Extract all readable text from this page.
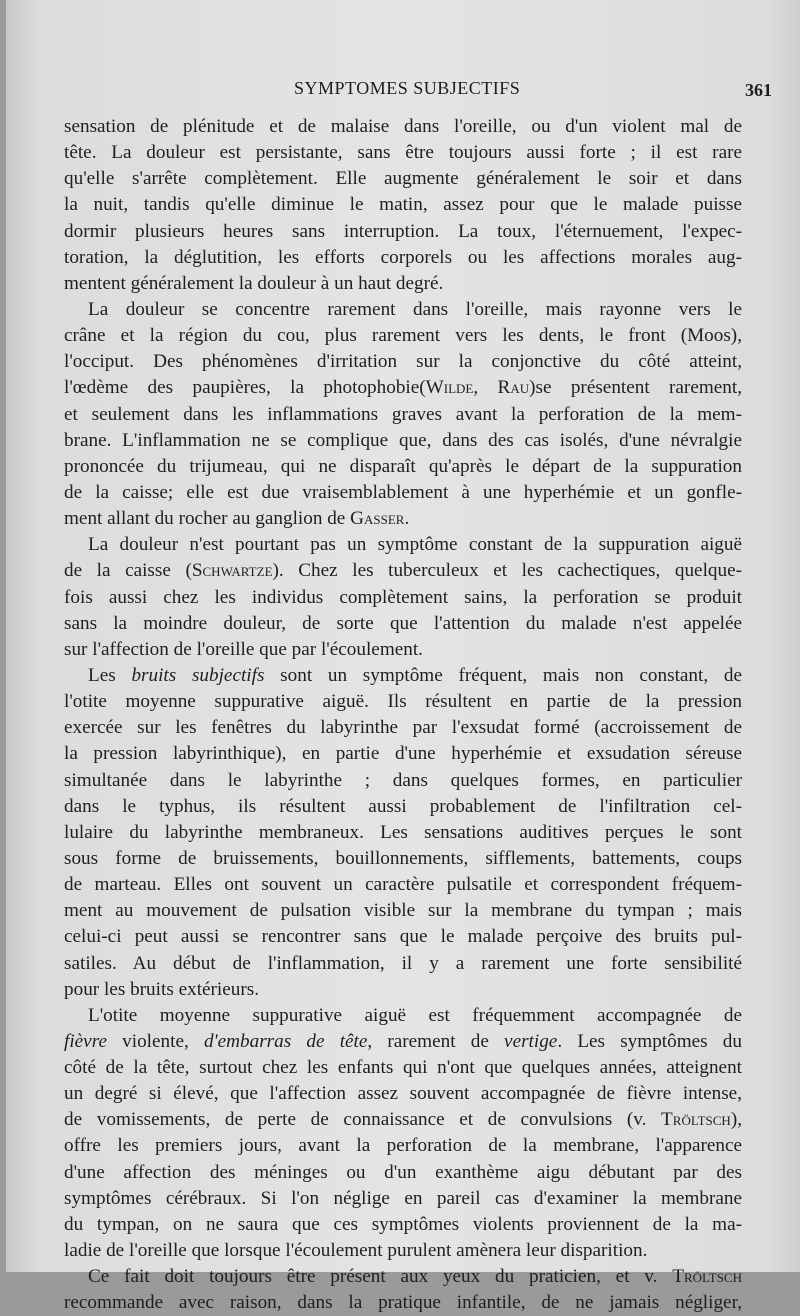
SYMPTOMES SUBJECTIFS	361
sensation de plénitude et de malaise dans l'oreille, ou d'un violent mal de
tête. La douleur est persistante, sans être toujours aussi forte ; il est rare
qu'elle s'arrête complètement. Elle augmente généralement le soir et dans
la nuit, tandis qu'elle diminue le matin, assez pour que le malade puisse
dormir plusieurs heures sans interruption. La toux, l'éternuement, l'expec-
toration, la déglutition, les efforts corporels ou les affections morales aug-
mentent généralement la douleur à un haut degré.
La douleur se concentre rarement dans l'oreille, mais rayonne vers le
crâne et la région du cou, plus rarement vers les dents, le front (Moos),
l'occiput. Des phénomènes d'irritation sur la conjonctive du côté atteint,
l'œdème des paupières, la photophobie(Wilde, Rau)se présentent rarement,
et seulement dans les inflammations graves avant la perforation de la mem-
brane. L'inflammation ne se complique que, dans des cas isolés, d'une névralgie
prononcée du trijumeau, qui ne disparaît qu'après le départ de la suppuration
de la caisse; elle est due vraisemblablement à une hyperhémie et un gonfle-
ment allant du rocher au ganglion de Gasser.
La douleur n'est pourtant pas un symptôme constant de la suppuration aiguë
de la caisse (Schwartze). Chez les tuberculeux et les cachectiques, quelque-
fois aussi chez les individus complètement sains, la perforation se produit
sans la moindre douleur, de sorte que l'attention du malade n'est appelée
sur l'affection de l'oreille que par l'écoulement.
Les bruits subjectifs sont un symptôme fréquent, mais non constant, de
l'otite moyenne suppurative aiguë. Ils résultent en partie de la pression
exercée sur les fenêtres du labyrinthe par l'exsudat formé (accroissement de
la pression labyrinthique), en partie d'une hyperhémie et exsudation séreuse
simultanée dans le labyrinthe ; dans quelques formes, en particulier
dans le typhus, ils résultent aussi probablement de l'infiltration cel-
lulaire du labyrinthe membraneux. Les sensations auditives perçues le sont
sous forme de bruissements, bouillonnements, sifflements, battements, coups
de marteau. Elles ont souvent un caractère pulsatile et correspondent fréquem-
ment au mouvement de pulsation visible sur la membrane du tympan ; mais
celui-ci peut aussi se rencontrer sans que le malade perçoive des bruits pul-
satiles. Au début de l'inflammation, il y a rarement une forte sensibilité
pour les bruits extérieurs.
L'otite moyenne suppurative aiguë est fréquemment accompagnée de
fièvre violente, d'embarras de tête, rarement de vertige. Les symptômes du
côté de la tête, surtout chez les enfants qui n'ont que quelques années, atteignent
un degré si élevé, que l'affection assez souvent accompagnée de fièvre intense,
de vomissements, de perte de connaissance et de convulsions (v. Tröltsch),
offre les premiers jours, avant la perforation de la membrane, l'apparence
d'une affection des méninges ou d'un exanthème aigu débutant par des
symptômes cérébraux. Si l'on néglige en pareil cas d'examiner la membrane
du tympan, on ne saura que ces symptômes violents proviennent de la ma-
ladie de l'oreille que lorsque l'écoulement purulent amènera leur disparition.
Ce fait doit toujours être présent aux yeux du praticien, et v. Tröltsch
recommande avec raison, dans la pratique infantile, de ne jamais négliger,
